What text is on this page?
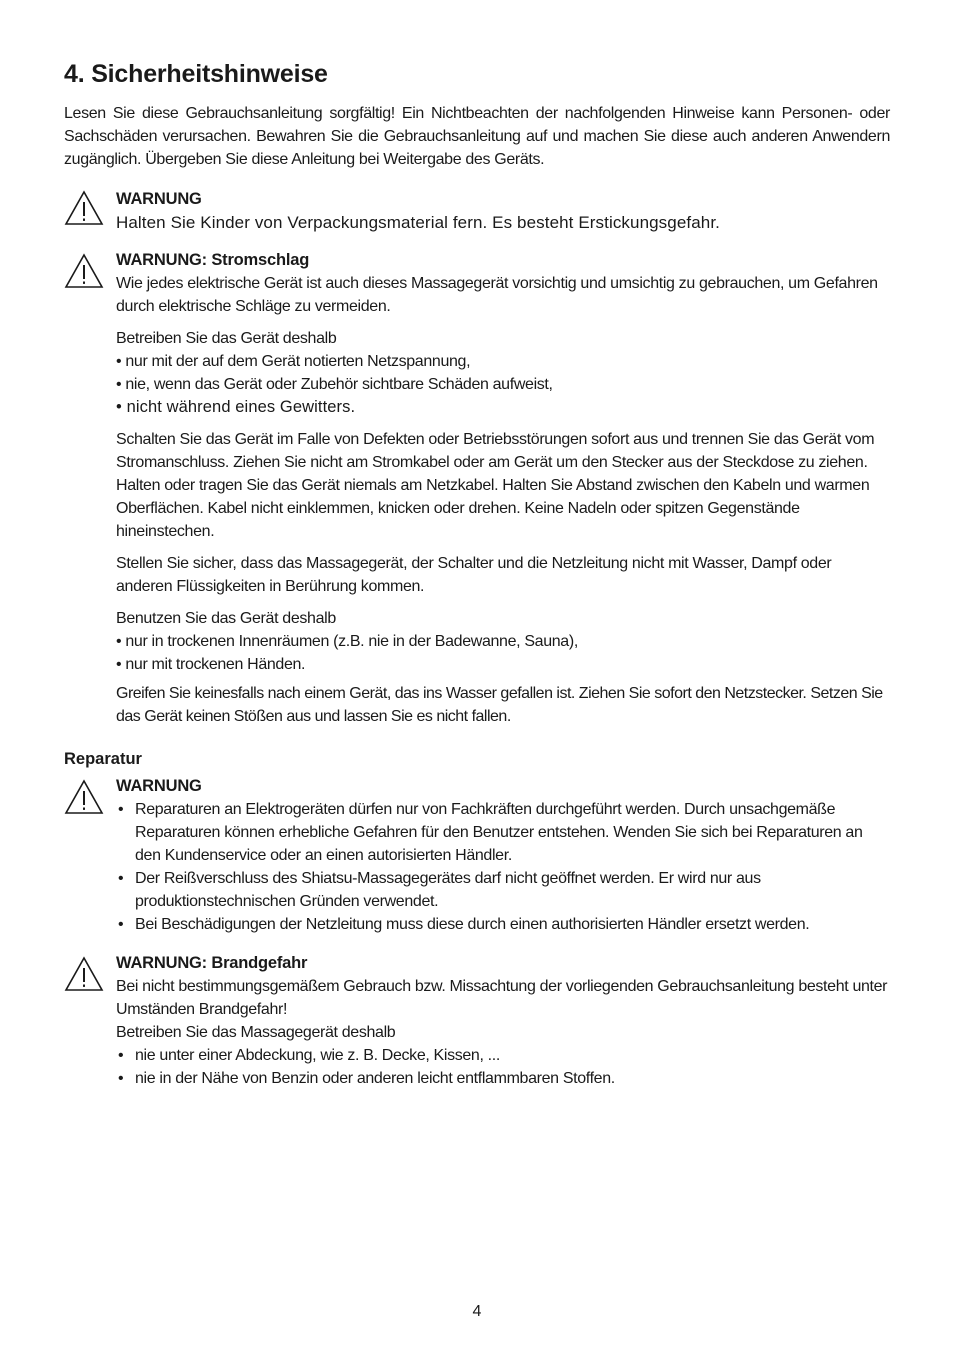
4. Sicherheitshinweise

Lesen Sie diese Gebrauchsanleitung sorgfältig! Ein Nichtbeachten der nachfolgenden Hinweise kann Personen- oder Sachschäden verursachen. Bewahren Sie die Gebrauchsanleitung auf und machen Sie diese auch anderen Anwendern zugänglich. Übergeben Sie diese Anleitung bei Weitergabe des Geräts.

WARNUNG

Halten Sie Kinder von Verpackungsmaterial fern. Es besteht Erstickungsgefahr.

WARNUNG: Stromschlag

Wie jedes elektrische Gerät ist auch dieses Massagegerät vorsichtig und umsichtig zu gebrauchen, um Gefahren durch elektrische Schläge zu vermeiden.

Betreiben Sie das Gerät deshalb

• nur mit der auf dem Gerät notierten Netzspannung,
• nie, wenn das Gerät oder Zubehör sichtbare Schäden aufweist,
• nicht während eines Gewitters.

Schalten Sie das Gerät im Falle von Defekten oder Betriebsstörungen sofort aus und trennen Sie das Gerät vom Stromanschluss. Ziehen Sie nicht am Stromkabel oder am Gerät um den Stecker aus der Steckdose zu ziehen. Halten oder tragen Sie das Gerät niemals am Netzkabel. Halten Sie Abstand zwischen den Kabeln und warmen Oberflächen. Kabel nicht einklemmen, knicken oder drehen. Keine Nadeln oder spitzen Gegenstände hineinstechen.

Stellen Sie sicher, dass das Massagegerät, der Schalter und die Netzleitung nicht mit Wasser, Dampf oder anderen Flüssigkeiten in Berührung kommen.

Benutzen Sie das Gerät deshalb

• nur in trockenen Innenräumen (z.B. nie in der Badewanne, Sauna),
• nur mit trockenen Händen.

Greifen Sie keinesfalls nach einem Gerät, das ins Wasser gefallen ist. Ziehen Sie sofort den Netzstecker. Setzen Sie das Gerät keinen Stößen aus und lassen Sie es nicht fallen.

Reparatur
WARNUNG
• Reparaturen an Elektrogeräten dürfen nur von Fachkräften durchgeführt werden. Durch unsachgemäße Reparaturen können erhebliche Gefahren für den Benutzer entstehen. Wenden Sie sich bei Reparaturen an den Kundenservice oder an einen autorisierten Händler.
• Der Reißverschluss des Shiatsu-Massagegerätes darf nicht geöffnet werden. Er wird nur aus produktionstechnischen Gründen verwendet.
• Bei Beschädigungen der Netzleitung muss diese durch einen authorisierten Händler ersetzt werden.
WARNUNG: Brandgefahr

Bei nicht bestimmungsgemäßem Gebrauch bzw. Missachtung der vorliegenden Gebrauchsanleitung besteht unter Umständen Brandgefahr!

Betreiben Sie das Massagegerät deshalb

• nie unter einer Abdeckung, wie z. B. Decke, Kissen, ...
• nie in der Nähe von Benzin oder anderen leicht entflammbaren Stoffen.
4
